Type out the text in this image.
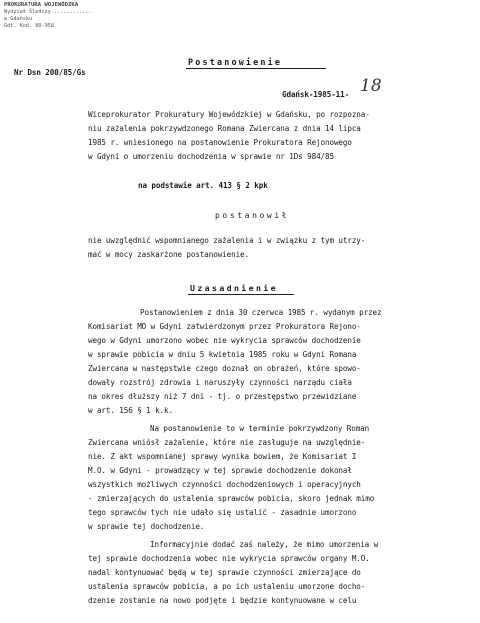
PROKURATURA WOJEWÓDZKA
Wydział Śledczy ............
w Gdańsku
Gdt. Kod. 80-958
Nr Dsn 200/85/Gs
Postanowienie
Gdańsk-1985-11- 18
Wiceprokurator Prokuratury Wojewódzkiej w Gdańsku, po rozpozna-
niu zażalenia pokrzywdzonego Romana Zwiercana z dnia 14 lipca
1985 r. wniesionego na postanowienie Prokuratora Rejonowego
w Gdyni o umorzeniu dochodzenia w sprawie nr 1Ds 984/85
na podstawie art. 413 § 2 kpk
postanowił
nie uwzględnić wspomnianego zażalenia i w związku z tym utrzy-
mać w mocy zaskarżone postanowienie.
Uzasadnienie
Postanowieniem z dnia 30 czerwca 1985 r. wydanym przez
Komisariat MO w Gdyni zatwierdzonym przez Prokuratora Rejono-
wego w Gdyni umorzono wobec nie wykrycia sprawców dochodzenie
w sprawie pobicia w dniu 5 kwietnia 1985 roku w Gdyni Romana
Zwiercana w następstwie czego doznał on obrażeń, które spowo-
dowały rozstrój zdrowia i naruszyły czynności narządu ciała
na okres dłuższy niż 7 dni - tj. o przestępstwo przewidziane
w art. 156 § 1 k.k.
Na postanowienie to w terminie pokrzywdzony Roman
Zwiercana wniósł zażalenie, które nie zasługuje na uwzględnie-
nie. Z akt wspomnianej sprawy wynika bowiem, że Komisariat I
M.O. w Gdyni - prowadzący w tej sprawie dochodzenie dokonał
wszystkich możliwych czynności dochodzeniowych i operacyjnych
- zmierzających do ustalenia sprawców pobicia, skoro jednak mimo
tego sprawców tych nie udało się ustalić - zasadnie umorzono
w sprawie tej dochodzenie.
Informacyjnie dodać zaś należy, że mimo umorzenia w
tej sprawie dochodzenia wobec nie wykrycia sprawców organy M.O.
nadal kontynuować będą w tej sprawie czynności zmierzające do
ustalenia sprawców pobicia, a po ich ustaleniu umorzone docho-
dzenie zostanie na nowo podjęte i będzie kontynuowane w celu
